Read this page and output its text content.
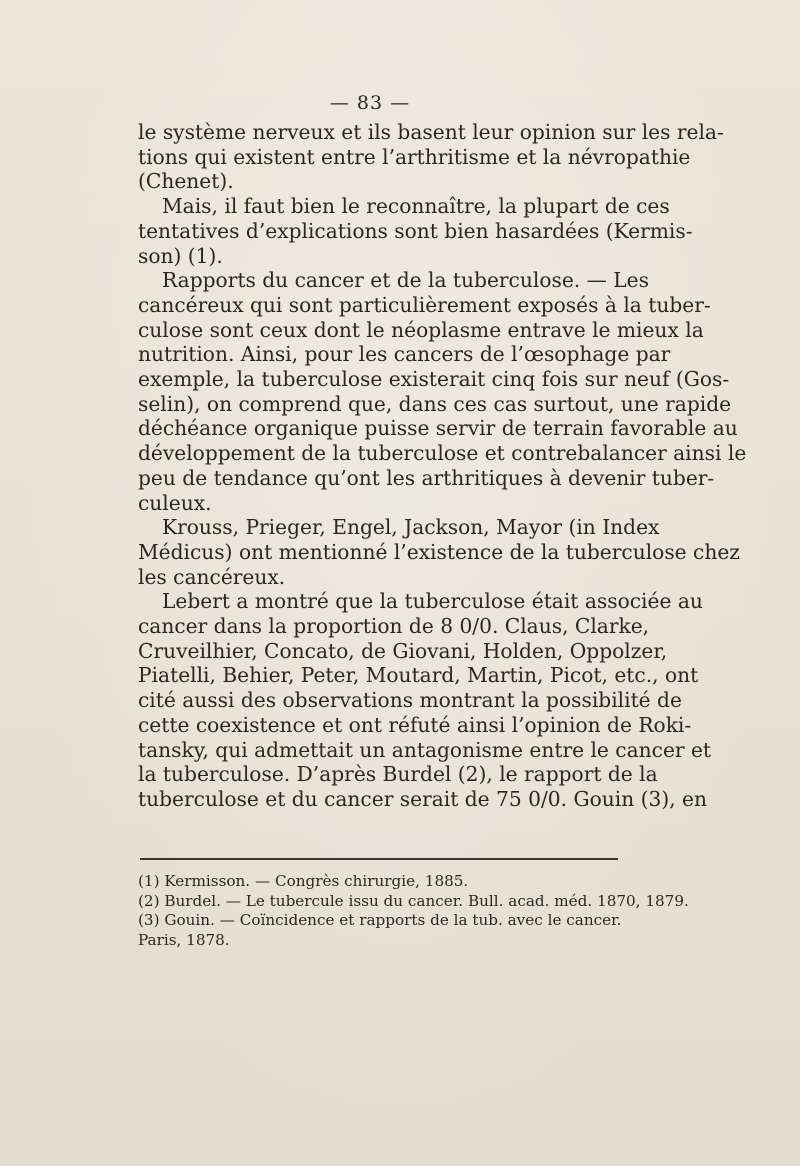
— 83 —
le système nerveux et ils basent leur opinion sur les rela-
tions qui existent entre l’arthritisme et la névropathie
(Chenet).
Mais, il faut bien le reconnaître, la plupart de ces
tentatives d’explications sont bien hasardées (Kermis-
son) (1).
Rapports du cancer et de la tuberculose. — Les
cancéreux qui sont particulièrement exposés à la tuber-
culose sont ceux dont le néoplasme entrave le mieux la
nutrition. Ainsi, pour les cancers de l’œsophage par
exemple, la tuberculose existerait cinq fois sur neuf (Gos-
selin), on comprend que, dans ces cas surtout, une rapide
déchéance organique puisse servir de terrain favorable au
développement de la tuberculose et contrebalancer ainsi le
peu de tendance qu’ont les arthritiques à devenir tuber-
culeux.
Krouss, Prieger, Engel, Jackson, Mayor (in Index
Médicus) ont mentionné l’existence de la tuberculose chez
les cancéreux.
Lebert a montré que la tuberculose était associée au
cancer dans la proportion de 8 0/0. Claus, Clarke,
Cruveilhier, Concato, de Giovani, Holden, Oppolzer,
Piatelli, Behier, Peter, Moutard, Martin, Picot, etc., ont
cité aussi des observations montrant la possibilité de
cette coexistence et ont réfuté ainsi l’opinion de Roki-
tansky, qui admettait un antagonisme entre le cancer et
la tuberculose. D’après Burdel (2), le rapport de la
tuberculose et du cancer serait de 75 0/0. Gouin (3), en
(1) Kermisson. — Congrès chirurgie, 1885.
(2) Burdel. — Le tubercule issu du cancer. Bull. acad. méd. 1870, 1879.
(3) Gouin. — Coïncidence et rapports de la tub. avec le cancer.
Paris, 1878.
